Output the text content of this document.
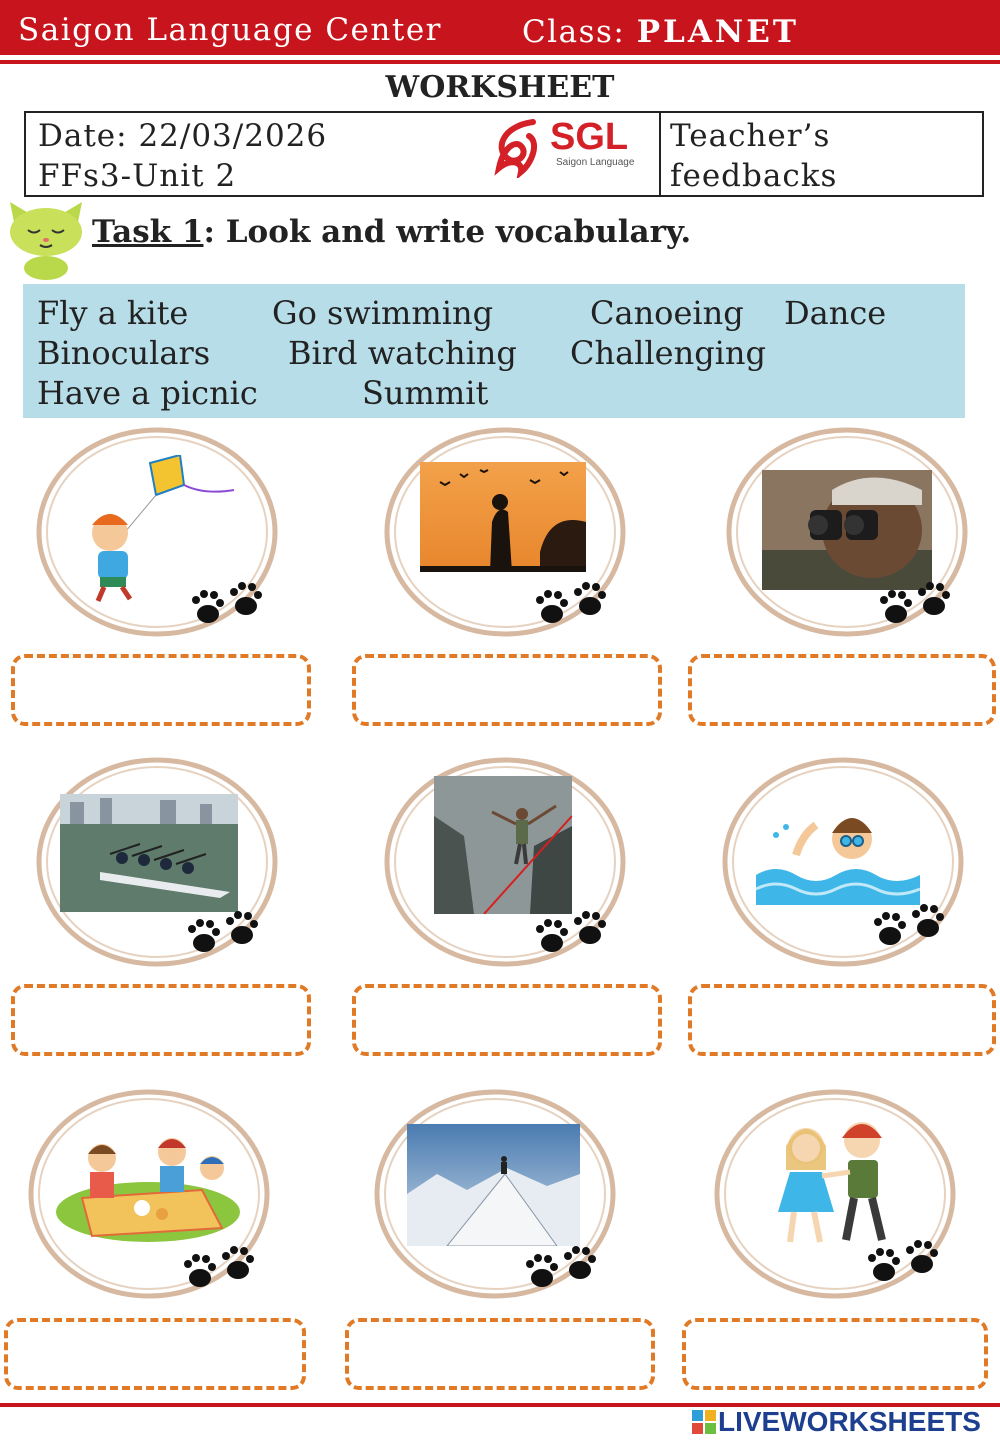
Saigon Language Center	Class: PLANET
WORKSHEET
Date: 22/03/2026
FFs3-Unit 2
Teacher’s
feedbacks
SGL
Saigon Language
Task 1: Look and write vocabulary.
Fly a kite	Go swimming	Canoeing Dance
Binoculars Bird watching Challenging
Have a picnic	Summit
LIVEWORKSHEETS
